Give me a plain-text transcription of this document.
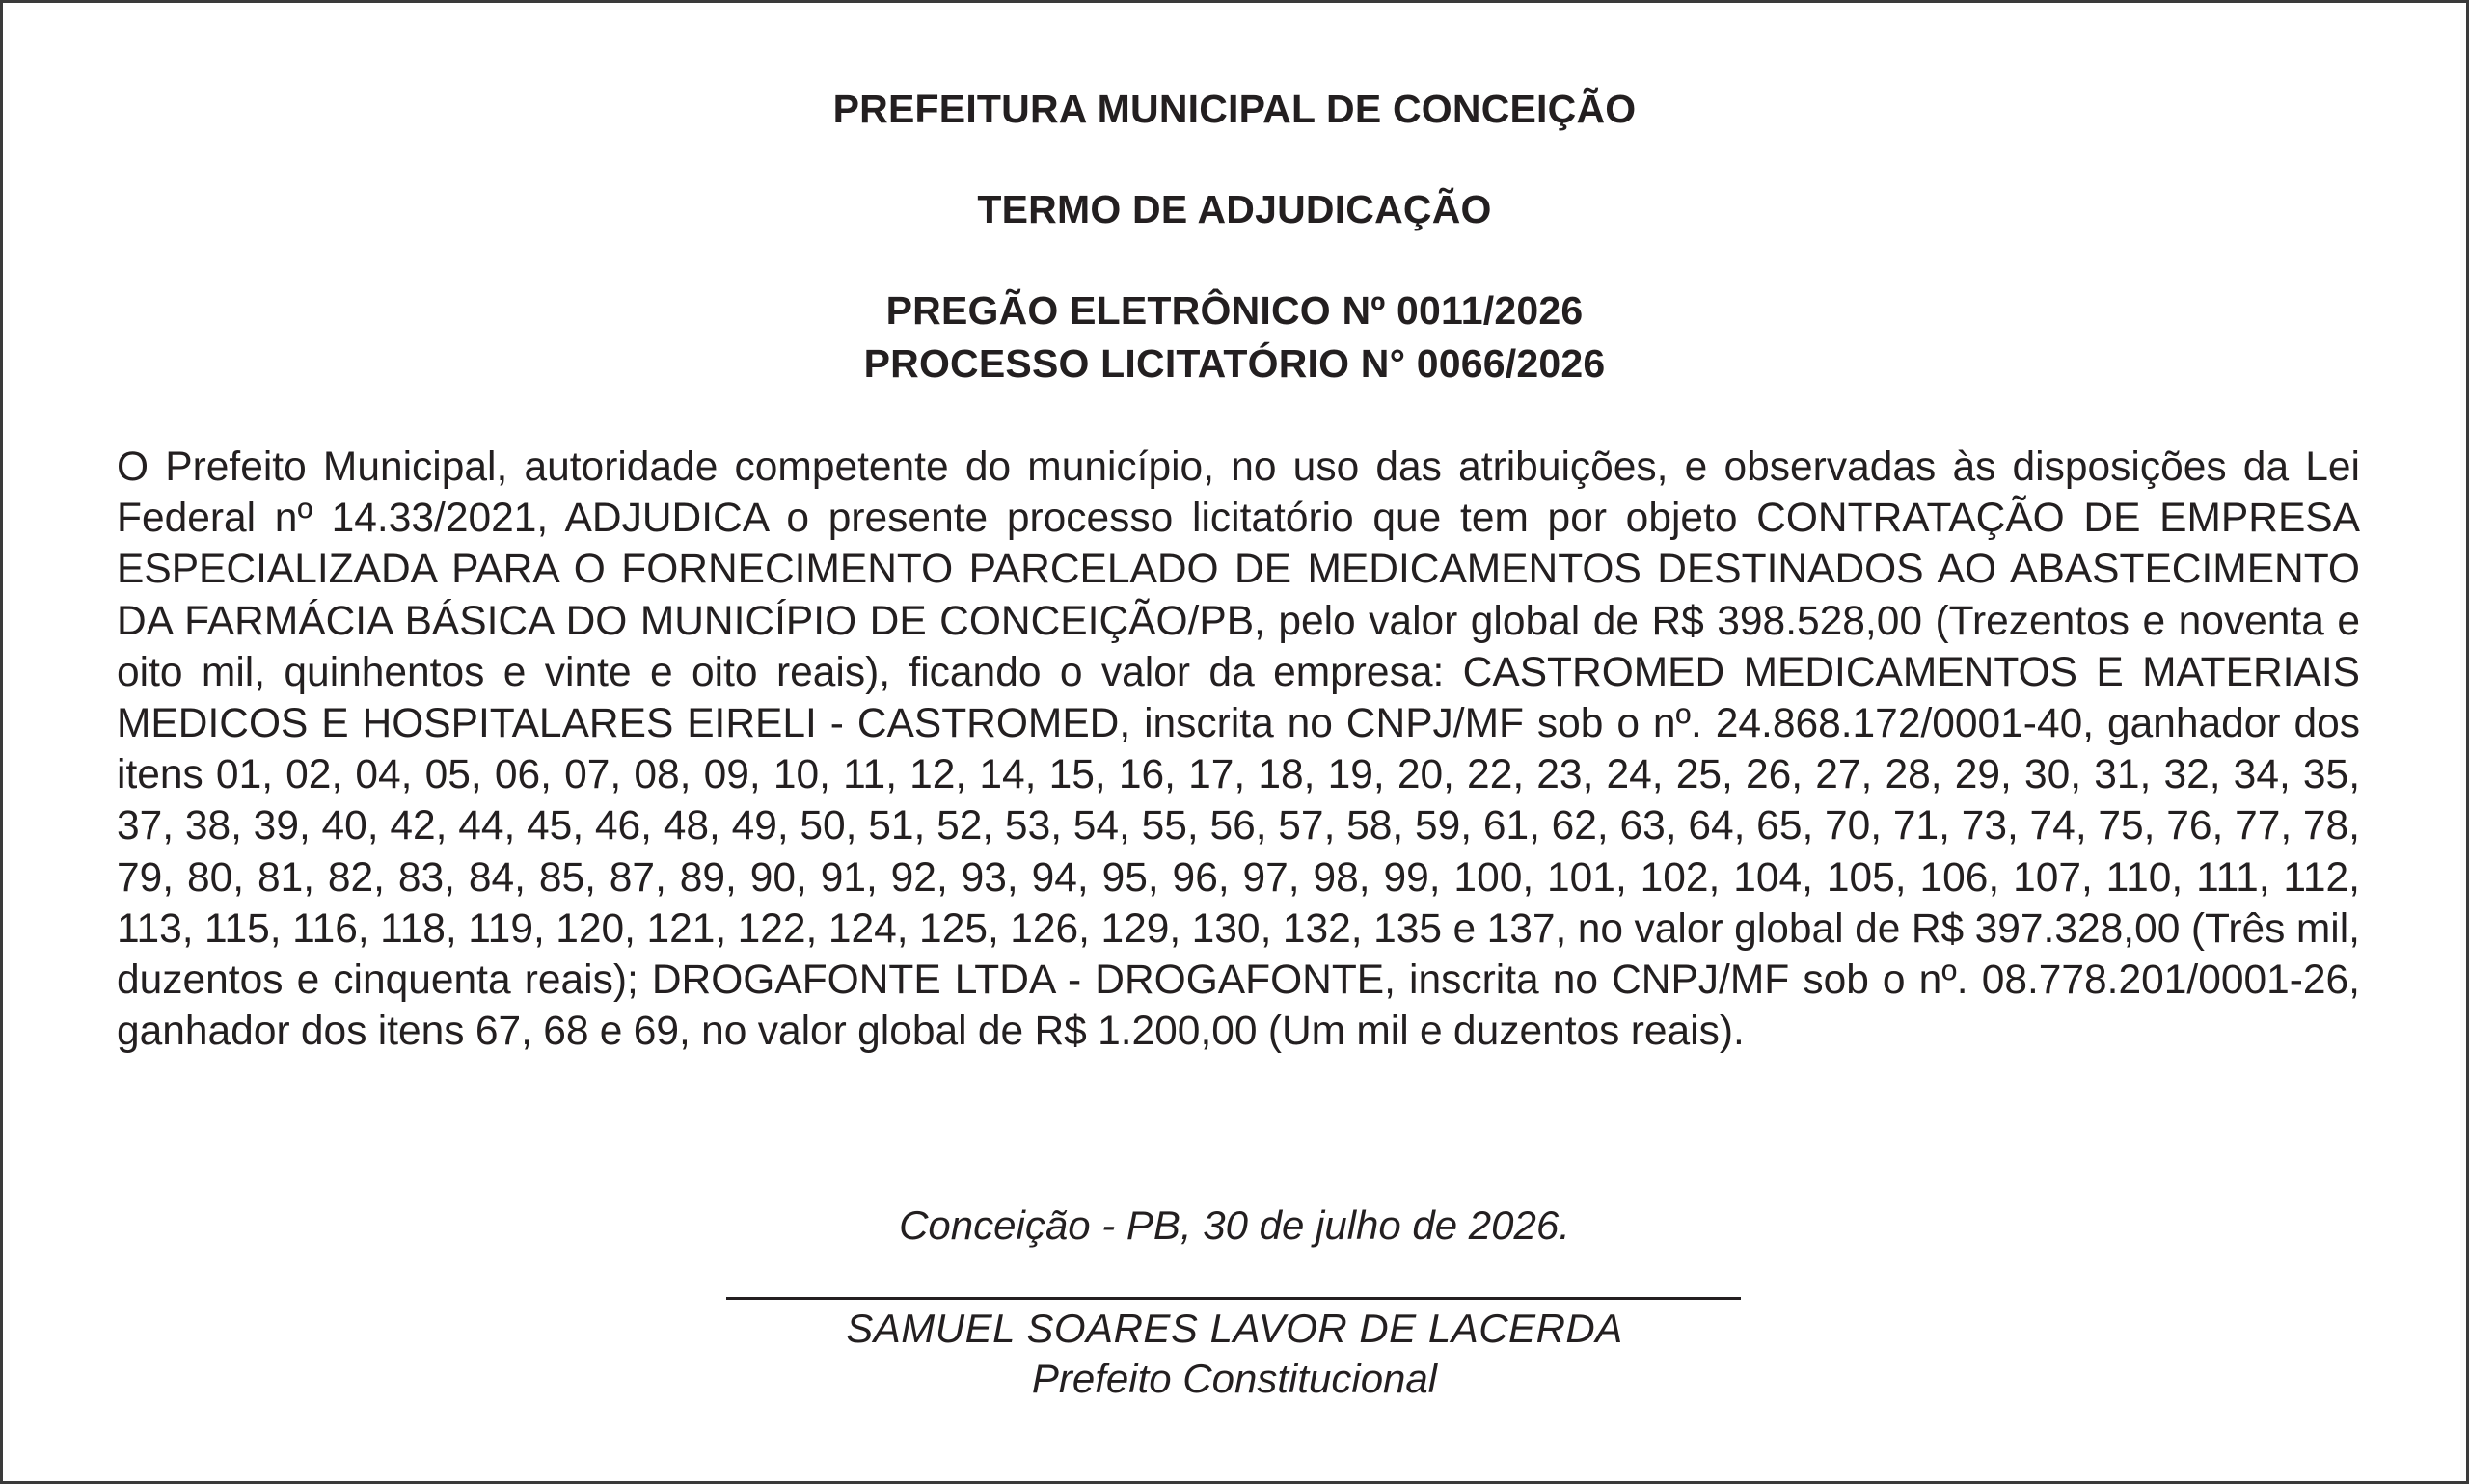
PREFEITURA MUNICIPAL DE CONCEIÇÃO
TERMO DE ADJUDICAÇÃO
PREGÃO ELETRÔNICO Nº 0011/2026
PROCESSO LICITATÓRIO N° 0066/2026

O Prefeito Municipal, autoridade competente do município, no uso das atribuições, e observadas às disposições da Lei Federal nº 14.33/2021, ADJUDICA o presente processo licitatório que tem por objeto CONTRATAÇÃO DE EMPRESA ESPECIALIZADA PARA O FORNECIMENTO PARCELADO DE MEDICAMENTOS DESTINADOS AO ABASTECIMENTO DA FARMÁCIA BÁSICA DO MUNICÍPIO DE CONCEIÇÃO/PB, pelo valor global de R$ 398.528,00 (Trezentos e noventa e oito mil, quinhentos e vinte e oito reais), ficando o valor da empresa: CASTROMED MEDICAMENTOS E MATERIAIS MEDICOS E HOSPITALARES EIRELI - CASTROMED, inscrita no CNPJ/MF sob o nº. 24.868.172/0001-40, ganhador dos itens 01, 02, 04, 05, 06, 07, 08, 09, 10, 11, 12, 14, 15, 16, 17, 18, 19, 20, 22, 23, 24, 25, 26, 27, 28, 29, 30, 31, 32, 34, 35, 37, 38, 39, 40, 42, 44, 45, 46, 48, 49, 50, 51, 52, 53, 54, 55, 56, 57, 58, 59, 61, 62, 63, 64, 65, 70, 71, 73, 74, 75, 76, 77, 78, 79, 80, 81, 82, 83, 84, 85, 87, 89, 90, 91, 92, 93, 94, 95, 96, 97, 98, 99, 100, 101, 102, 104, 105, 106, 107, 110, 111, 112, 113, 115, 116, 118, 119, 120, 121, 122, 124, 125, 126, 129, 130, 132, 135 e 137, no valor global de R$ 397.328,00 (Três mil, duzentos e cinquenta reais); DROGAFONTE LTDA - DROGAFONTE, inscrita no CNPJ/MF sob o nº. 08.778.201/0001-26, ganhador dos itens 67, 68 e 69, no valor global de R$ 1.200,00 (Um mil e duzentos reais).

Conceição - PB, 30 de julho de 2026.

SAMUEL SOARES LAVOR DE LACERDA

Prefeito Constitucional
